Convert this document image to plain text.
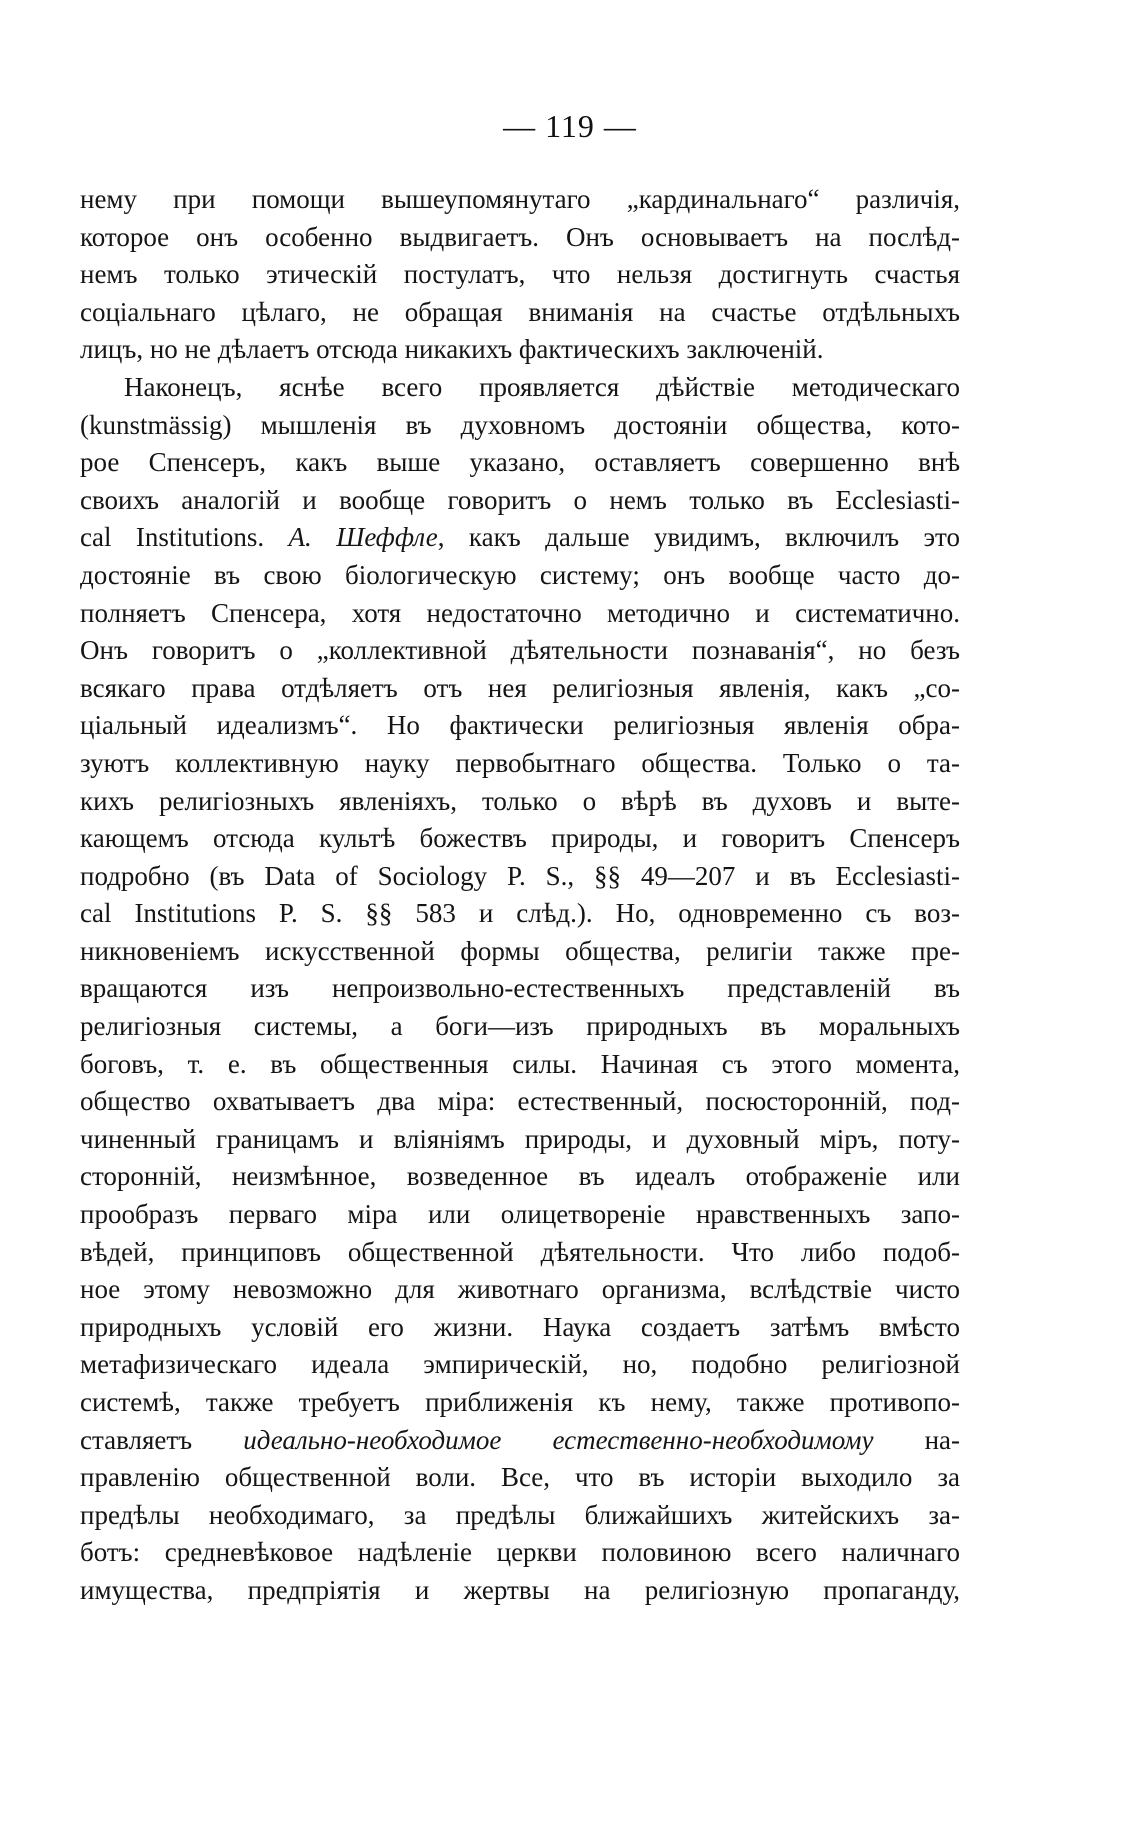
— 119 —
нему при помощи вышеупомянутаго „кардинальнаго“ различія,
которое онъ особенно выдвигаетъ. Онъ основываетъ на послѣд-
немъ только этическій постулатъ, что нельзя достигнуть счастья
соціальнаго цѣлаго, не обращая вниманія на счастье отдѣльныхъ
лицъ, но не дѣлаетъ отсюда никакихъ фактическихъ заключеній.
Наконецъ, яснѣе всего проявляется дѣйствіе методическаго
(kunstmässig) мышленія въ духовномъ достояніи общества, кото-
рое Спенсеръ, какъ выше указано, оставляетъ совершенно внѣ
своихъ аналогій и вообще говоритъ о немъ только въ Ecclesiasti-
cal Institutions. А. Шеффле, какъ дальше увидимъ, включилъ это
достояніе въ свою біологическую систему; онъ вообще часто до-
полняетъ Спенсера, хотя недостаточно методично и систематично.
Онъ говоритъ о „коллективной дѣятельности познаванія“, но безъ
всякаго права отдѣляетъ отъ нея религіозныя явленія, какъ „со-
ціальный идеализмъ“. Но фактически религіозныя явленія обра-
зуютъ коллективную науку первобытнаго общества. Только о та-
кихъ религіозныхъ явленіяхъ, только о вѣрѣ въ духовъ и выте-
кающемъ отсюда культѣ божествъ природы, и говоритъ Спенсеръ
подробно (въ Data of Sociology P. S., §§ 49—207 и въ Ecclesiasti-
cal Institutions P. S. §§ 583 и слѣд.). Но, одновременно съ воз-
никновеніемъ искусственной формы общества, религіи также пре-
вращаются изъ непроизвольно-естественныхъ представленій въ
религіозныя системы, а боги—изъ природныхъ въ моральныхъ
боговъ, т. е. въ общественныя силы. Начиная съ этого момента,
общество охватываетъ два міра: естественный, посюсторонній, под-
чиненный границамъ и вліяніямъ природы, и духовный міръ, поту-
сторонній, неизмѣнное, возведенное въ идеалъ отображеніе или
прообразъ перваго міра или олицетвореніе нравственныхъ запо-
вѣдей, принциповъ общественной дѣятельности. Что либо подоб-
ное этому невозможно для животнаго организма, вслѣдствіе чисто
природныхъ условій его жизни. Наука создаетъ затѣмъ вмѣсто
метафизическаго идеала эмпирическій, но, подобно религіозной
системѣ, также требуетъ приближенія къ нему, также противопо-
ставляетъ идеально-необходимое естественно-необходимому на-
правленію общественной воли. Все, что въ исторіи выходило за
предѣлы необходимаго, за предѣлы ближайшихъ житейскихъ за-
ботъ: средневѣковое надѣленіе церкви половиною всего наличнаго
имущества, предпріятія и жертвы на религіозную пропаганду,
